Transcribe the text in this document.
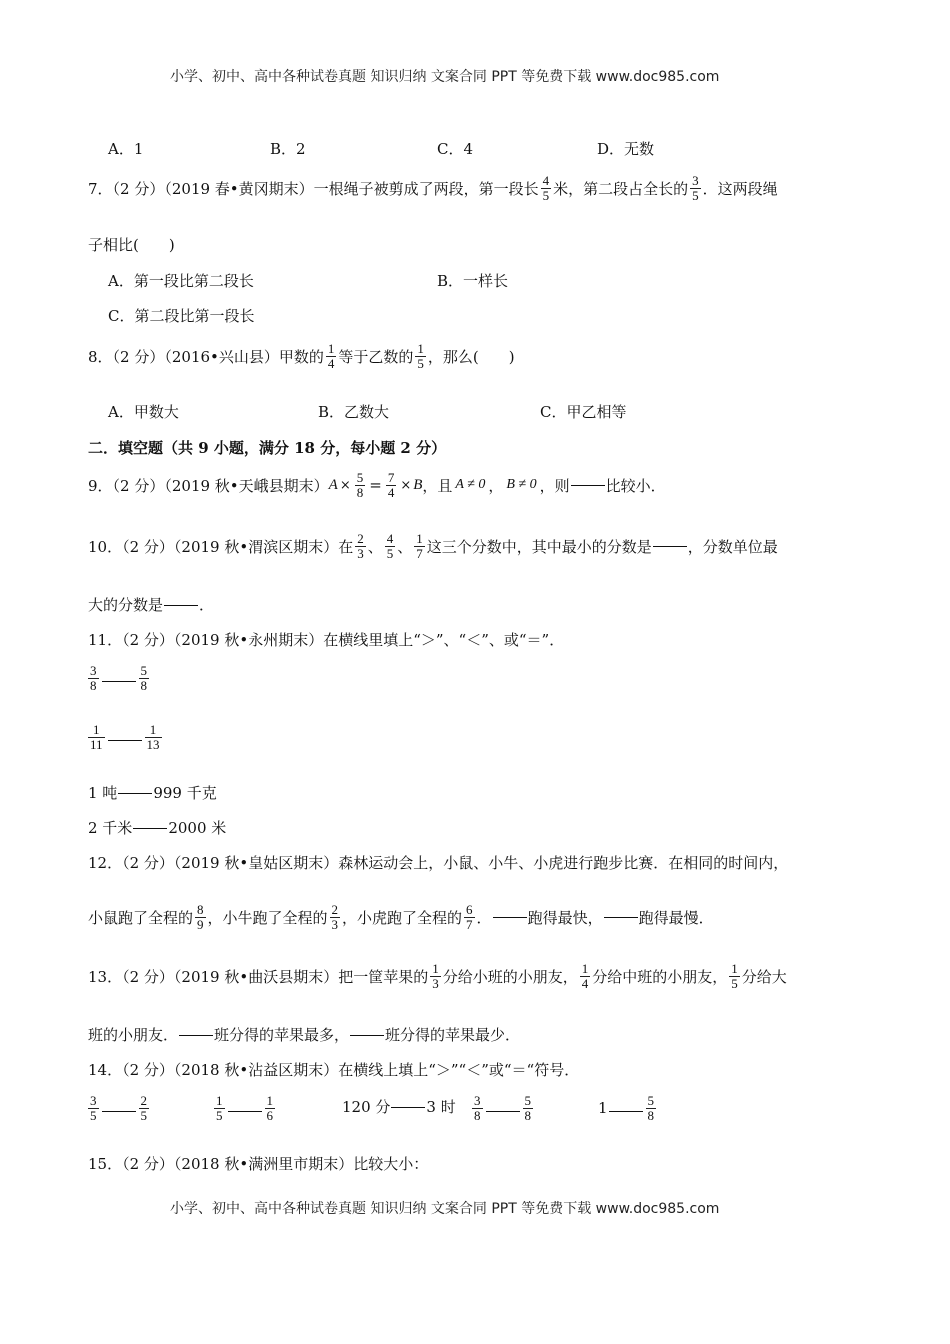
小学、初中、高中各种试卷真题 知识归纳 文案合同 PPT 等免费下载 www.doc985.com
A．1	B．2	C．4	D．无数
7．（2 分）（2019 春•黄冈期末）一根绳子被剪成了两段，第一段长 $\frac{4}{5}$ 米，第二段占全长的 $\frac{3}{5}$ ．这两段绳
子相比(　　)
A．第一段比第二段长	B．一样长
C．第二段比第一段长
8．（2 分）（2016•兴山县）甲数的 $\frac{1}{4}$ 等于乙数的 $\frac{1}{5}$ ，那么(　　)
A．甲数大	B．乙数大	C．甲乙相等
二．填空题（共 9 小题，满分 18 分，每小题 2 分）
9．（2 分）（2019 秋•天峨县期末） $A \times \frac{5}{8} = \frac{7}{4} \times B$ ，且 A ≠ 0 ， B ≠ 0 ，则 比较小．
10．（2 分）（2019 秋•渭滨区期末）在 $\frac{2}{3}$ 、 $\frac{4}{5}$ 、 $\frac{1}{7}$ 这三个分数中，其中最小的分数是 ，分数单位最
大的分数是 ．
11．（2 分）（2019 秋•永州期末）在横线里填上“＞”、“＜”、或“＝”．
$\frac{3}{8}$	$\frac{5}{8}$
$\frac{1}{11}$	$\frac{1}{13}$
1 吨 999 千克
2 千米 2000 米
12．（2 分）（2019 秋•皇姑区期末）森林运动会上，小鼠、小牛、小虎进行跑步比赛．在相同的时间内，
小鼠跑了全程的 $\frac{8}{9}$ ，小牛跑了全程的 $\frac{2}{3}$ ，小虎跑了全程的 $\frac{6}{7}$ ． 跑得最快， 跑得最慢．
13．（2 分）（2019 秋•曲沃县期末）把一筐苹果的 $\frac{1}{3}$ 分给小班的小朋友， $\frac{1}{4}$ 分给中班的小朋友， $\frac{1}{5}$ 分给大
班的小朋友． 班分得的苹果最多， 班分得的苹果最少．
14．（2 分）（2018 秋•沾益区期末）在横线上填上“＞”“＜”或“＝“符号．
$\frac{3}{5}$	$\frac{2}{5}$	$\frac{1}{5}$	$\frac{1}{6}$	120 分 3 时 $\frac{3}{8}$	$\frac{5}{8}$	1	$\frac{5}{8}$
15．（2 分）（2018 秋•满洲里市期末）比较大小：
小学、初中、高中各种试卷真题 知识归纳 文案合同 PPT 等免费下载 www.doc985.com
